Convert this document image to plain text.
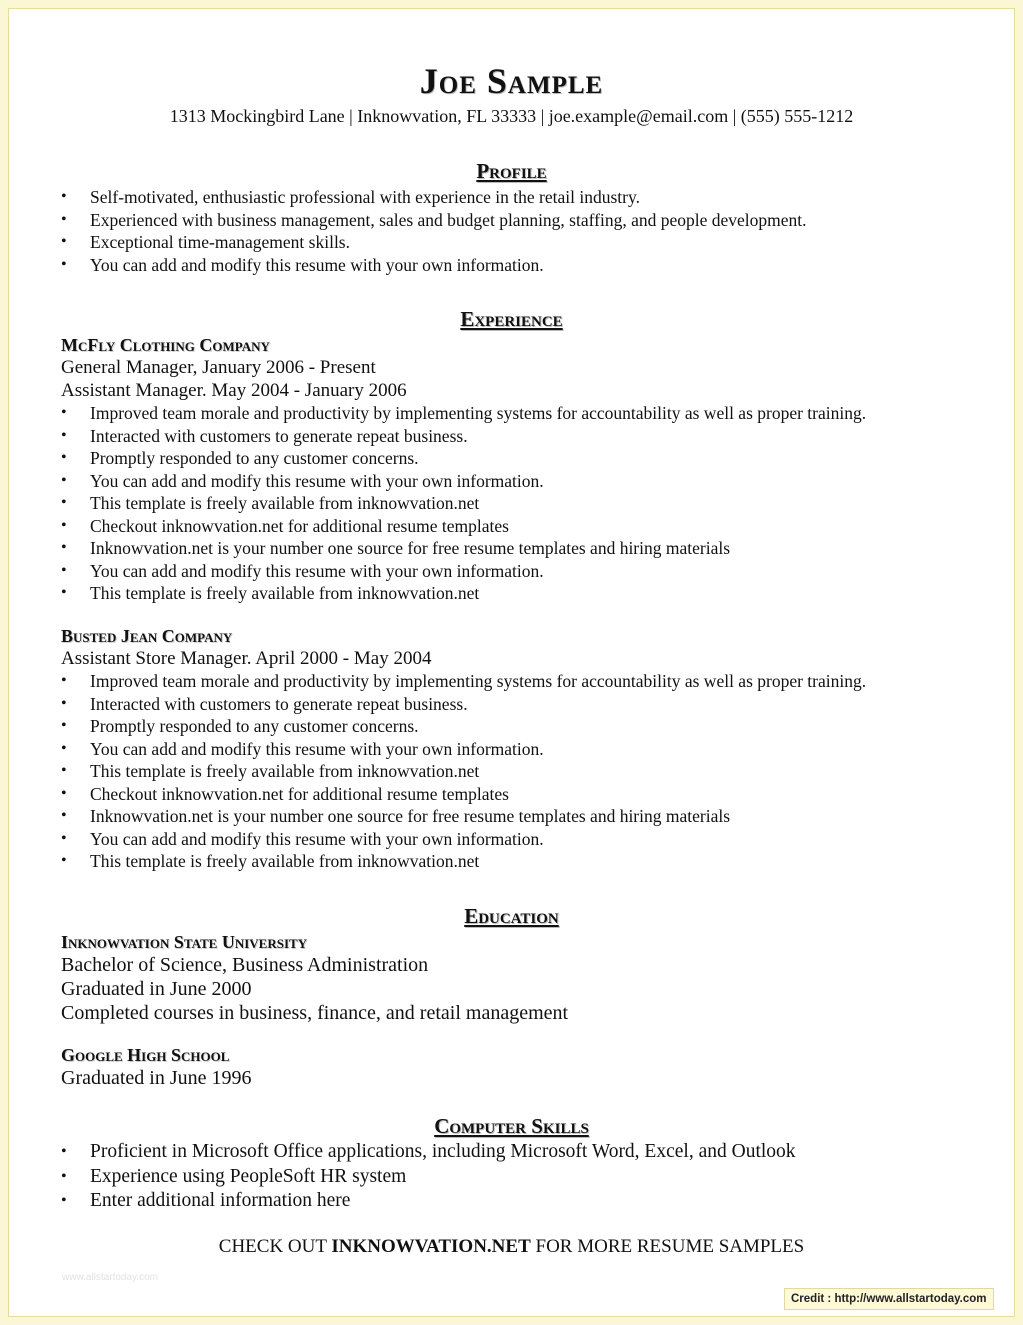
Joe Sample
1313 Mockingbird Lane | Inknowvation, FL 33333 | joe.example@email.com | (555) 555-1212
Profile
• Self-motivated, enthusiastic professional with experience in the retail industry.
• Experienced with business management, sales and budget planning, staffing, and people development.
• Exceptional time-management skills.
• You can add and modify this resume with your own information.
Experience
McFly Clothing Company
General Manager, January 2006 - Present
Assistant Manager. May 2004 - January 2006
• Improved team morale and productivity by implementing systems for accountability as well as proper training.
• Interacted with customers to generate repeat business.
• Promptly responded to any customer concerns.
• You can add and modify this resume with your own information.
• This template is freely available from inknowvation.net
• Checkout inknowvation.net for additional resume templates
• Inknowvation.net is your number one source for free resume templates and hiring materials
• You can add and modify this resume with your own information.
• This template is freely available from inknowvation.net
Busted Jean Company
Assistant Store Manager. April 2000 - May 2004
• Improved team morale and productivity by implementing systems for accountability as well as proper training.
• Interacted with customers to generate repeat business.
• Promptly responded to any customer concerns.
• You can add and modify this resume with your own information.
• This template is freely available from inknowvation.net
• Checkout inknowvation.net for additional resume templates
• Inknowvation.net is your number one source for free resume templates and hiring materials
• You can add and modify this resume with your own information.
• This template is freely available from inknowvation.net
Education
Inknowvation State University
Bachelor of Science, Business Administration
Graduated in June 2000
Completed courses in business, finance, and retail management
Google High School
Graduated in June 1996
Computer Skills
• Proficient in Microsoft Office applications, including Microsoft Word, Excel, and Outlook
• Experience using PeopleSoft HR system
• Enter additional information here
CHECK OUT INKNOWVATION.NET FOR MORE RESUME SAMPLES
www.allstartoday.com
Credit : http://www.allstartoday.com
